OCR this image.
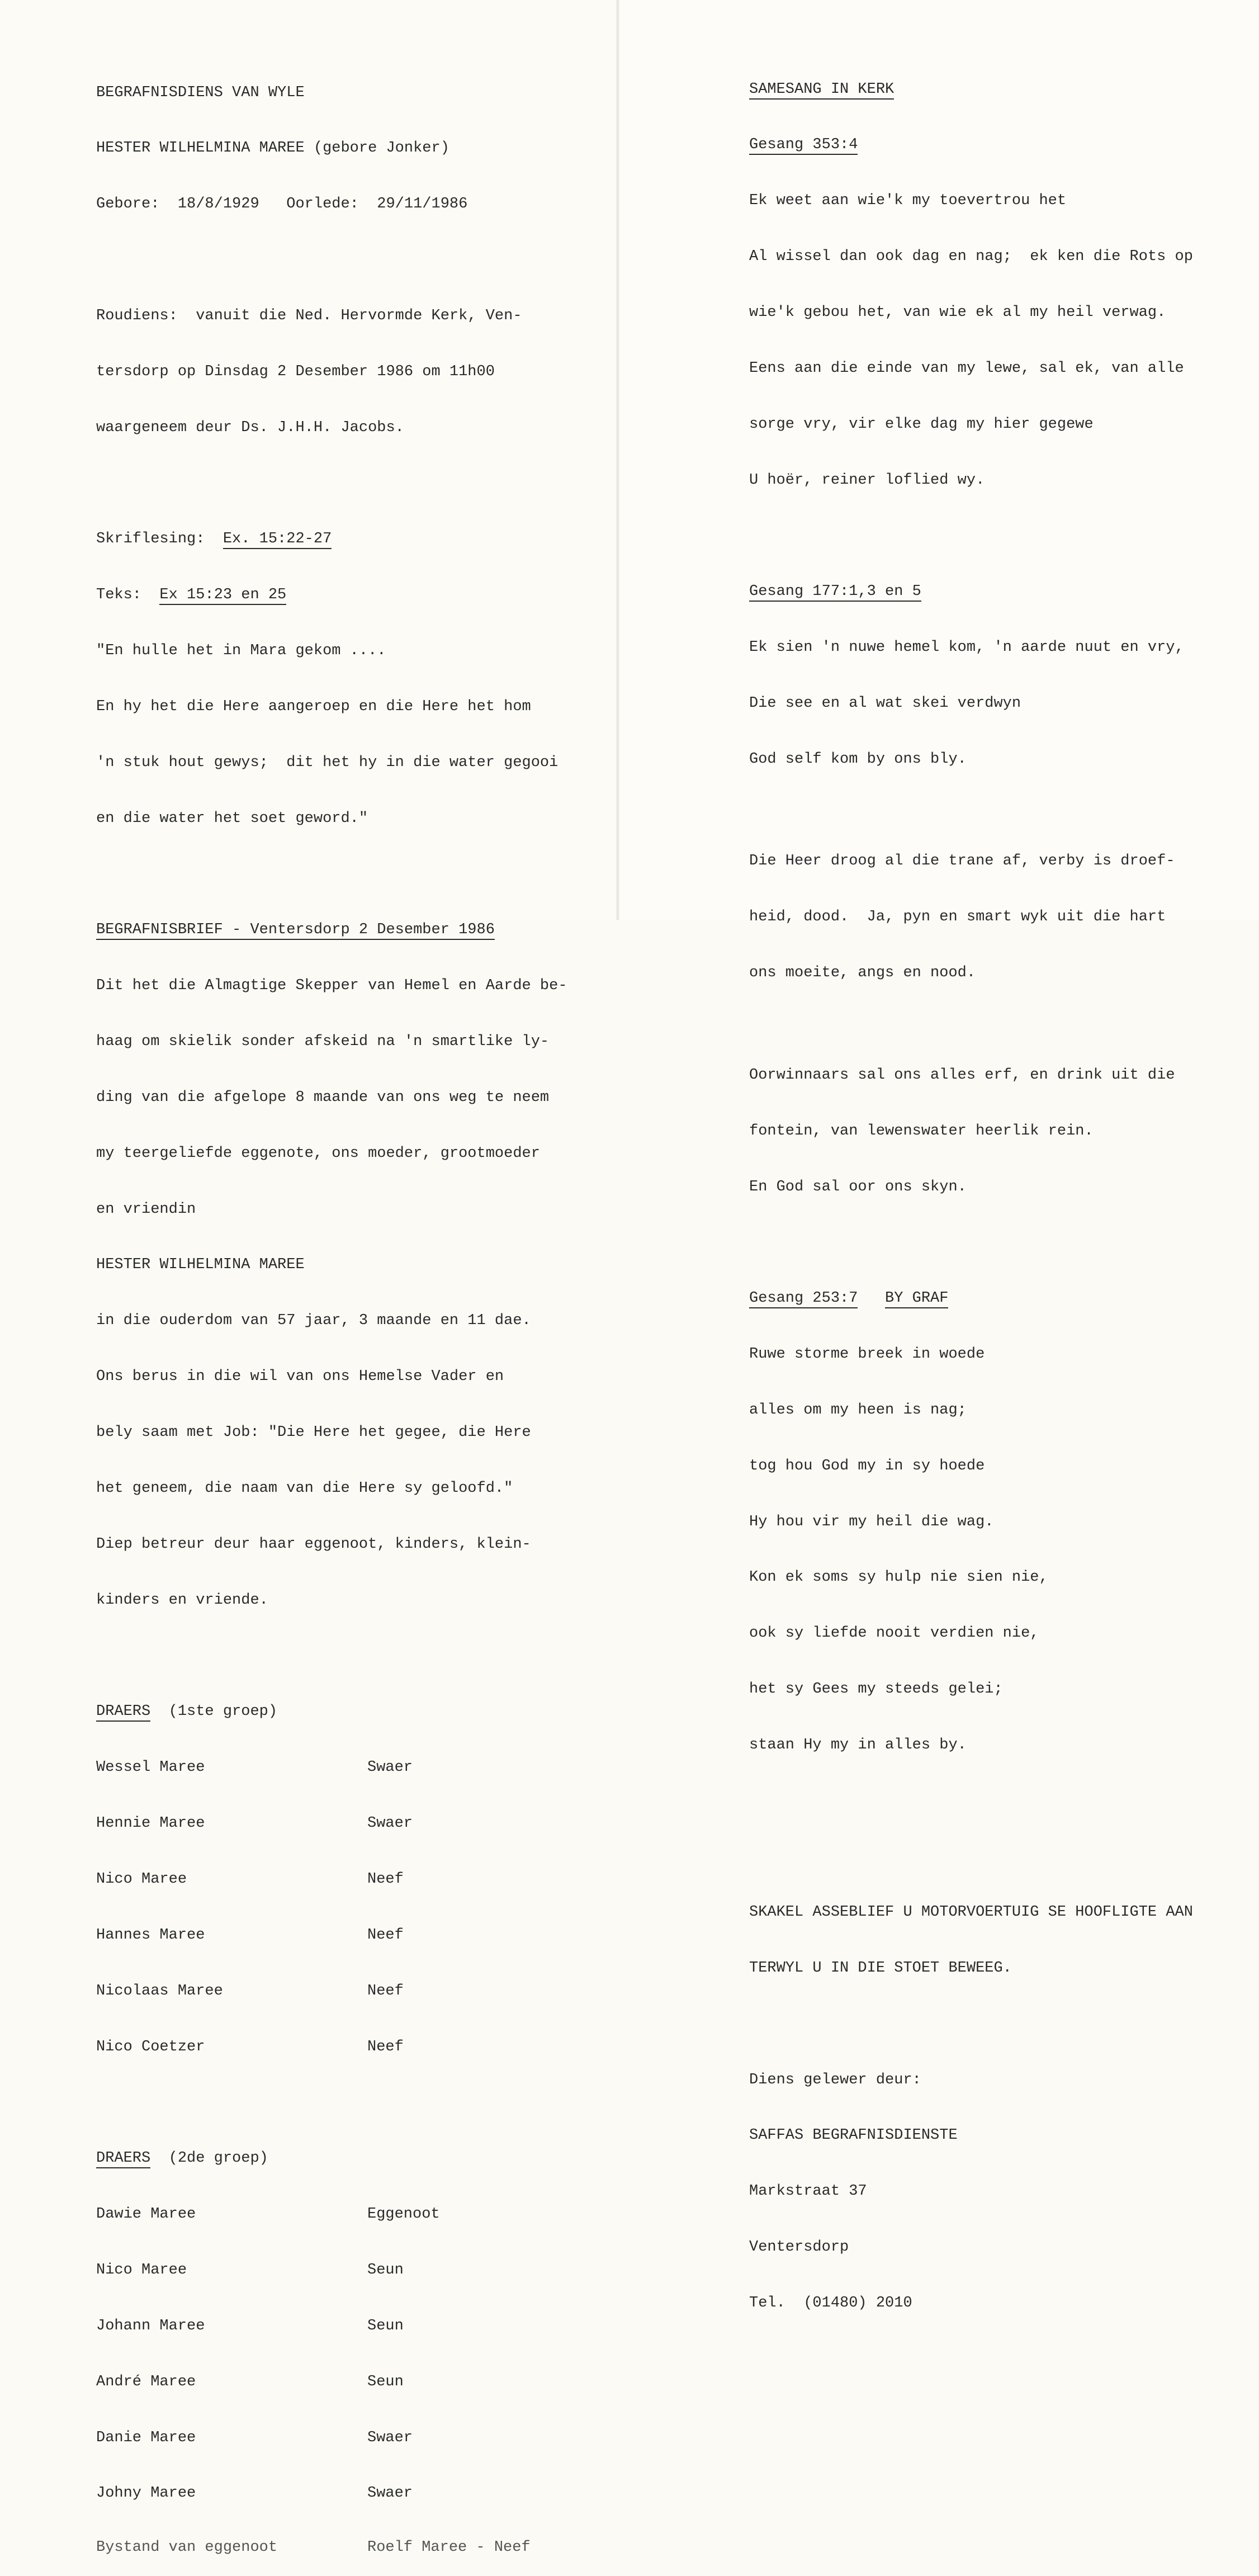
BEGRAFNISDIENS VAN WYLE

HESTER WILHELMINA MAREE (gebore Jonker)

Gebore:  18/8/1929   Oorlede:  29/11/1986

Roudiens:  vanuit die Ned. Hervormde Kerk, Ven-

tersdorp op Dinsdag 2 Desember 1986 om 11h00

waargeneem deur Ds. J.H.H. Jacobs.

Skriflesing:  Ex. 15:22-27

Teks:  Ex 15:23 en 25

"En hulle het in Mara gekom ....

En hy het die Here aangeroep en die Here het hom

'n stuk hout gewys;  dit het hy in die water gegooi

en die water het soet geword."

BEGRAFNISBRIEF - Ventersdorp 2 Desember 1986

Dit het die Almagtige Skepper van Hemel en Aarde be-

haag om skielik sonder afskeid na 'n smartlike ly-

ding van die afgelope 8 maande van ons weg te neem

my teergeliefde eggenote, ons moeder, grootmoeder

en vriendin

HESTER WILHELMINA MAREE

in die ouderdom van 57 jaar, 3 maande en 11 dae.

Ons berus in die wil van ons Hemelse Vader en

bely saam met Job: "Die Here het gegee, die Here

het geneem, die naam van die Here sy geloofd."

Diep betreur deur haar eggenoot, kinders, klein-

kinders en vriende.

DRAERS  (1ste groep)

Wessel Maree	Swaer

Hennie Maree	Swaer

Nico Maree	Neef

Hannes Maree	Neef

Nicolaas Maree	Neef

Nico Coetzer	Neef

DRAERS  (2de groep)

Dawie Maree	Eggenoot

Nico Maree	Seun

Johann Maree	Seun

André Maree	Seun

Danie Maree	Swaer

Johny Maree	Swaer

Bystand van eggenoot	Roelf Maree - Neef

SAMESANG IN KERK

Gesang 353:4

Ek weet aan wie'k my toevertrou het

Al wissel dan ook dag en nag;  ek ken die Rots op

wie'k gebou het, van wie ek al my heil verwag.

Eens aan die einde van my lewe, sal ek, van alle

sorge vry, vir elke dag my hier gegewe

U hoër, reiner loflied wy.

Gesang 177:1,3 en 5

Ek sien 'n nuwe hemel kom, 'n aarde nuut en vry,

Die see en al wat skei verdwyn

God self kom by ons bly.

Die Heer droog al die trane af, verby is droef-

heid, dood.  Ja, pyn en smart wyk uit die hart

ons moeite, angs en nood.

Oorwinnaars sal ons alles erf, en drink uit die

fontein, van lewenswater heerlik rein.

En God sal oor ons skyn.

Gesang 253:7 BY GRAF

Ruwe storme breek in woede

alles om my heen is nag;

tog hou God my in sy hoede

Hy hou vir my heil die wag.

Kon ek soms sy hulp nie sien nie,

ook sy liefde nooit verdien nie,

het sy Gees my steeds gelei;

staan Hy my in alles by.

SKAKEL ASSEBLIEF U MOTORVOERTUIG SE HOOFLIGTE AAN

TERWYL U IN DIE STOET BEWEEG.

Diens gelewer deur:

SAFFAS BEGRAFNISDIENSTE

Markstraat 37

Ventersdorp

Tel.  (01480) 2010
